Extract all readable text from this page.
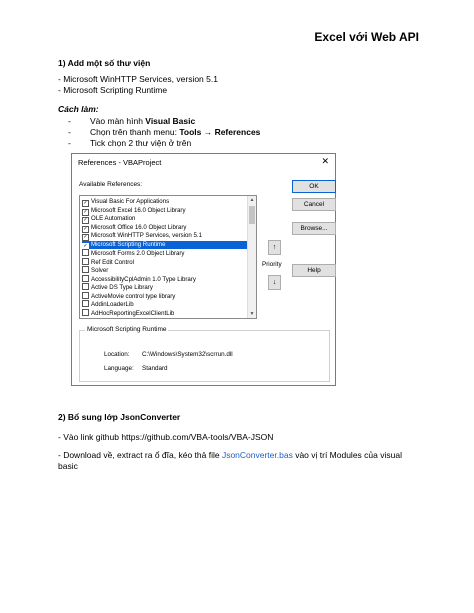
Excel với Web API
1) Add một số thư viện
- Microsoft WinHTTP Services, version 5.1
- Microsoft Scripting Runtime
Cách làm:
- Vào màn hình Visual Basic
- Chọn trên thanh menu: Tools → References
- Tick chọn 2 thư viện ở trên
References - VBAProject	✕
Available References:
✓ Visual Basic For Applications
✓ Microsoft Excel 16.0 Object Library
✓ OLE Automation
✓ Microsoft Office 16.0 Object Library
✓ Microsoft WinHTTP Services, version 5.1
✓ Microsoft Scripting Runtime
Microsoft Forms 2.0 Object Library
Ref Edit Control
Solver
AccessibilityCplAdmin 1.0 Type Library
Active DS Type Library
ActiveMovie control type library
AddinLoaderLib
AdHocReportingExcelClientLib
▲
▼
OK
Cancel
Browse...
↑
Priority
↓
Help
Microsoft Scripting Runtime
Location: C:\Windows\System32\scrrun.dll
Language: Standard
2) Bổ sung lớp JsonConverter
- Vào link github https://github.com/VBA-tools/VBA-JSON
- Download về, extract ra ổ đĩa, kéo thả file JsonConverter.bas vào vị trí Modules của visual
basic
